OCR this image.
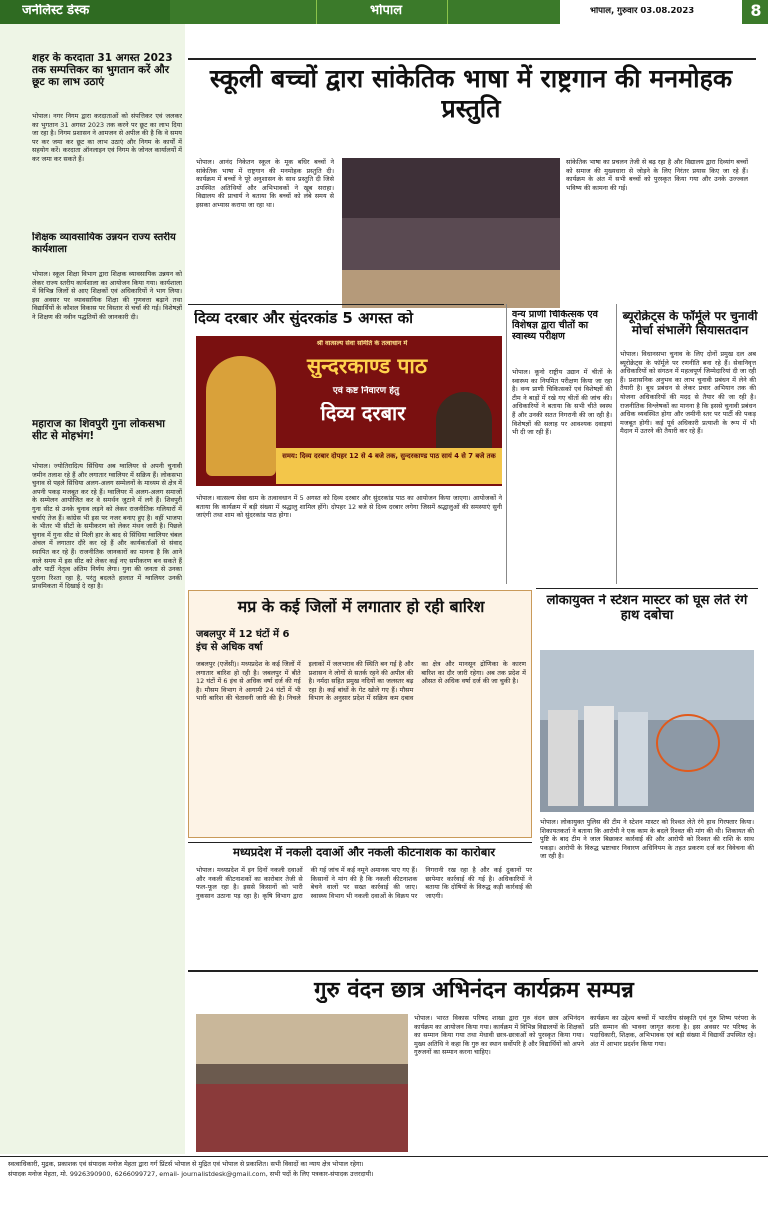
जर्नलिस्ट डेस्क	भोपाल	भोपाल, गुरुवार 03.08.2023	8
शहर के करदाता 31 अगस्त 2023 तक सम्पत्तिकर का भुगतान करें और छूट का लाभ उठाएं
भोपाल। नगर निगम द्वारा करदाताओं को संपत्तिकर एवं जलकर का भुगतान 31 अगस्त 2023 तक करने पर छूट का लाभ दिया जा रहा है। निगम प्रशासन ने आमजन से अपील की है कि वे समय पर कर जमा कर छूट का लाभ उठाएं और निगम के कार्यों में सहयोग करें। करदाता ऑनलाइन एवं निगम के जोनल कार्यालयों में कर जमा कर सकते हैं।
शिक्षक व्यावसायिक उन्नयन राज्य स्तरीय कार्यशाला
भोपाल। स्कूल शिक्षा विभाग द्वारा शिक्षक व्यावसायिक उन्नयन को लेकर राज्य स्तरीय कार्यशाला का आयोजन किया गया। कार्यशाला में विभिन्न जिलों से आए शिक्षकों एवं अधिकारियों ने भाग लिया। इस अवसर पर व्यावसायिक शिक्षा की गुणवत्ता बढ़ाने तथा विद्यार्थियों के कौशल विकास पर विस्तार से चर्चा की गई। विशेषज्ञों ने शिक्षण की नवीन पद्धतियों की जानकारी दी।
महाराज का शिवपुरी गुना लोकसभा सीट से मोहभंग!
भोपाल। ज्योतिरादित्य सिंधिया अब ग्वालियर से अपनी चुनावी जमीन तलाश रहे हैं और लगातार ग्वालियर में सक्रिय हैं। लोकसभा चुनाव से पहले सिंधिया अलग-अलग सम्मेलनों के माध्यम से क्षेत्र में अपनी पकड़ मजबूत कर रहे हैं। ग्वालियर में अलग-अलग समाजों के सम्मेलन आयोजित कर वे समर्थन जुटाने में लगे हैं। शिवपुरी गुना सीट से उनके चुनाव लड़ने को लेकर राजनीतिक गलियारों में चर्चाएं तेज हैं। कांग्रेस भी इस पर नजर बनाए हुए है। वहीं भाजपा के भीतर भी सीटों के समीकरण को लेकर मंथन जारी है। पिछले चुनाव में गुना सीट से मिली हार के बाद से सिंधिया ग्वालियर चंबल अंचल में लगातार दौरे कर रहे हैं और कार्यकर्ताओं से संवाद स्थापित कर रहे हैं। राजनीतिक जानकारों का मानना है कि आने वाले समय में इस सीट को लेकर कई नए समीकरण बन सकते हैं और पार्टी नेतृत्व अंतिम निर्णय लेगा। गुना की जनता से उनका पुराना रिश्ता रहा है, परंतु बदलते हालात में ग्वालियर उनकी प्राथमिकता में दिखाई दे रहा है।
स्कूली बच्चों द्वारा सांकेतिक भाषा में राष्ट्रगान की मनमोहक प्रस्तुति
भोपाल। आनंद निकेतन स्कूल के मूक बधिर बच्चों ने सांकेतिक भाषा में राष्ट्रगान की मनमोहक प्रस्तुति दी। कार्यक्रम में बच्चों ने पूरे अनुशासन के साथ प्रस्तुति दी जिसे उपस्थित अतिथियों और अभिभावकों ने खूब सराहा। विद्यालय की प्राचार्य ने बताया कि बच्चों को लंबे समय से इसका अभ्यास कराया जा रहा था।
सांकेतिक भाषा का प्रचलन तेजी से बढ़ रहा है और विद्यालय द्वारा दिव्यांग बच्चों को समाज की मुख्यधारा से जोड़ने के लिए निरंतर प्रयास किए जा रहे हैं। कार्यक्रम के अंत में सभी बच्चों को पुरस्कृत किया गया और उनके उज्ज्वल भविष्य की कामना की गई।
दिव्य दरबार और सुंदरकांड 5 अगस्त को
श्री वात्सल्य सेवा समिति के तत्वाधान में
सुन्दरकाण्ड पाठ
एवं कष्ट निवारण हेतु
दिव्य दरबार
समय: दिव्य दरबार दोपहर 12 से 4 बजे तक, सुन्दरकाण्ड पाठ सायं 4 से 7 बजे तक
भोपाल। वात्सल्य सेवा धाम के तत्वावधान में 5 अगस्त को दिव्य दरबार और सुंदरकांड पाठ का आयोजन किया जाएगा। आयोजकों ने बताया कि कार्यक्रम में बड़ी संख्या में श्रद्धालु शामिल होंगे। दोपहर 12 बजे से दिव्य दरबार लगेगा जिसमें श्रद्धालुओं की समस्याएं सुनी जाएंगी तथा शाम को सुंदरकांड पाठ होगा।
वन्य प्राणी चिकित्सक एवं विशेषज्ञ द्वारा चीतों का स्वास्थ्य परीक्षण
भोपाल। कूनो राष्ट्रीय उद्यान में चीतों के स्वास्थ्य का नियमित परीक्षण किया जा रहा है। वन्य प्राणी चिकित्सकों एवं विशेषज्ञों की टीम ने बाड़ों में रखे गए चीतों की जांच की। अधिकारियों ने बताया कि सभी चीते स्वस्थ हैं और उनकी सतत निगरानी की जा रही है। विशेषज्ञों की सलाह पर आवश्यक दवाइयां भी दी जा रही हैं।
ब्यूरोक्रेट्स के फॉर्मूले पर चुनावी मोर्चा संभालेंगे सियासतदान
भोपाल। विधानसभा चुनाव के लिए दोनों प्रमुख दल अब ब्यूरोक्रेट्स के फॉर्मूले पर रणनीति बना रहे हैं। सेवानिवृत्त अधिकारियों को संगठन में महत्वपूर्ण जिम्मेदारियां दी जा रही हैं। प्रशासनिक अनुभव का लाभ चुनावी प्रबंधन में लेने की तैयारी है। बूथ प्रबंधन से लेकर प्रचार अभियान तक की योजना अधिकारियों की मदद से तैयार की जा रही है। राजनीतिक विश्लेषकों का मानना है कि इससे चुनावी प्रबंधन अधिक व्यवस्थित होगा और जमीनी स्तर पर पार्टी की पकड़ मजबूत होगी। कई पूर्व अधिकारी प्रत्याशी के रूप में भी मैदान में उतरने की तैयारी कर रहे हैं।
मप्र के कई जिलों में लगातार हो रही बारिश
जबलपुर में 12 घंटों में 6 इंच से अधिक वर्षा
जबलपुर (एजेंसी)। मध्यप्रदेश के कई जिलों में लगातार बारिश हो रही है। जबलपुर में बीते 12 घंटों में 6 इंच से अधिक वर्षा दर्ज की गई है। मौसम विभाग ने आगामी 24 घंटों में भी भारी बारिश की चेतावनी जारी की है। निचले इलाकों में जलभराव की स्थिति बन गई है और प्रशासन ने लोगों से सतर्क रहने की अपील की है। नर्मदा सहित प्रमुख नदियों का जलस्तर बढ़ रहा है। कई बांधों के गेट खोले गए हैं। मौसम विभाग के अनुसार प्रदेश में सक्रिय कम दबाव का क्षेत्र और मानसून द्रोणिका के कारण बारिश का दौर जारी रहेगा। अब तक प्रदेश में औसत से अधिक वर्षा दर्ज की जा चुकी है।
लोकायुक्त ने स्टेशन मास्टर को घूस लेते रंगे हाथ दबोचा
भोपाल। लोकायुक्त पुलिस की टीम ने स्टेशन मास्टर को रिश्वत लेते रंगे हाथ गिरफ्तार किया। शिकायतकर्ता ने बताया कि आरोपी ने एक काम के बदले रिश्वत की मांग की थी। शिकायत की पुष्टि के बाद टीम ने जाल बिछाकर कार्रवाई की और आरोपी को रिश्वत की राशि के साथ पकड़ा। आरोपी के विरुद्ध भ्रष्टाचार निवारण अधिनियम के तहत प्रकरण दर्ज कर विवेचना की जा रही है।
मध्यप्रदेश में नकली दवाओं और नकली कीटनाशक का कारोबार
भोपाल। मध्यप्रदेश में इन दिनों नकली दवाओं और नकली कीटनाशकों का कारोबार तेजी से फल-फूल रहा है। इससे किसानों को भारी नुकसान उठाना पड़ रहा है। कृषि विभाग द्वारा की गई जांच में कई नमूने अमानक पाए गए हैं। किसानों ने मांग की है कि नकली कीटनाशक बेचने वालों पर सख्त कार्रवाई की जाए। स्वास्थ्य विभाग भी नकली दवाओं के विक्रय पर निगरानी रख रहा है और कई दुकानों पर छापेमार कार्रवाई की गई है। अधिकारियों ने बताया कि दोषियों के विरुद्ध कड़ी कार्रवाई की जाएगी।
गुरु वंदन छात्र अभिनंदन कार्यक्रम सम्पन्न
भोपाल। भारत विकास परिषद शाखा द्वारा गुरु वंदन छात्र अभिनंदन कार्यक्रम का आयोजन किया गया। कार्यक्रम में विभिन्न विद्यालयों के शिक्षकों का सम्मान किया गया तथा मेधावी छात्र-छात्राओं को पुरस्कृत किया गया। मुख्य अतिथि ने कहा कि गुरु का स्थान सर्वोपरि है और विद्यार्थियों को अपने गुरुजनों का सम्मान करना चाहिए।
कार्यक्रम का उद्देश्य बच्चों में भारतीय संस्कृति एवं गुरु शिष्य परंपरा के प्रति सम्मान की भावना जागृत करना है। इस अवसर पर परिषद के पदाधिकारी, शिक्षक, अभिभावक एवं बड़ी संख्या में विद्यार्थी उपस्थित रहे। अंत में आभार प्रदर्शन किया गया।
स्वत्वाधिकारी, मुद्रक, प्रकाशक एवं संपादक मनोज मेहता द्वारा गर्ग प्रिंटर्स भोपाल से मुद्रित एवं भोपाल से प्रकाशित। सभी विवादों का न्याय क्षेत्र भोपाल रहेगा।
संपादक मनोज मेहता, मो. 9926390900, 6266099727, email- journalistdesk@gmail.com, सभी पदों के लिए पत्रकार-संपादक उत्तरदायी।
